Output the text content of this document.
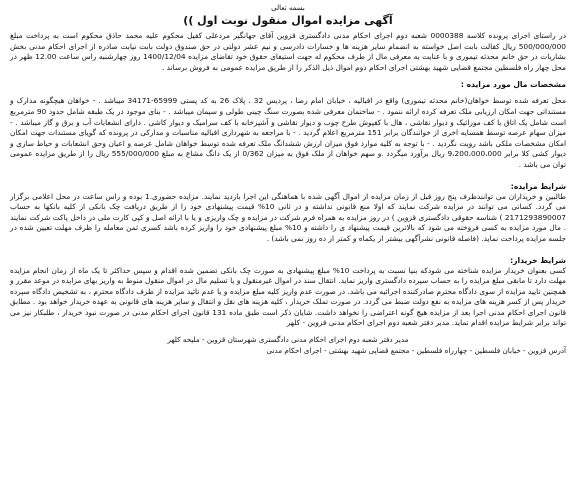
بسمه تعالی
آگهی مزایده اموال منقول نوبت اول ))

در راستای اجرای پرونده کلاسه 0000388 شعبه دوم اجرای احکام مدنی دادگستری قزوین آقای جهانگیر مردعلی کفیل محکوم علیه محمد حاذق محکوم است به پرداخت مبلغ 500/000/000 ریال کفالت بابت اصل خواسته به انضمام سایر هزینه ها و خسارات دادرسی و نیم عشر دولتی در حق صندوق دولت بابت نیابت صادره از اجرای احکام مدنی بخش بشاریات در حق خانم محدثه تیموری و با عنایت به معرفی مال از طرف محکوم له جهت استیفای حقوق خود تقاضای مزایده 1400/12/04 روز چهارشنبه راس ساعت 12.00 ظهر در محل چهار راه فلسطین مجتمع قضایی شهید بهشتی اجرای احکام دوم اموال ذیل الذکر را از طریق مزایده عمومی به فروش برساند .

مشخصات مال مورد مزایده :

محل تعرفه شده توسط خواهان(خانم محدثه تیموری) واقع در اقبالیه ، خیابان امام رضا ، پردیس 32 ، پلاک 26 به کد پستی 65999-34171 میباشد . - خواهان هیچگونه مدارک و مستنداتی جهت امکان ارزیابی ملک تعرفه کرده ارائه ننمود . - ساختمان معرفی شده بصورت سنگ چینی طولی و سیمان میباشد . - بنای موجود در یک طبقه شامل حدود 90 مترمربع است شامل یک اتاق با کف موزائیک و دیوار نقاشی ، هال با کفپوش طرح چوب و دیوار نقاشی و آشپزخانه با کف سرامیک و دیوار کاشی . دارای انشعابات آب و برق و گاز میباشد . - میزان سهام عرصه توسط همسایه اخری از خوانندگان برابر 151 مترمربع اعلام گردید . - با مراجعه به شهرداری اقبالیه مناسبات و مدارکی در پرونده که گویای مستندات جهت امکان امکان مشخصات ملکی باشد رویت نگردید . - با توجه به کلیه موارد فوق میزان ارزش ششدانگ ملک تعرفه شده توسط خواهان شامل عرصه و اعیان وحق انشعابات و حیاط سازی و دیوار کشی کلا برابر 9،200،000،000 ریال برآورد میگردد .و سهم خواهان از ملک فوق به میزان 0/362 از یک دانگ مشاع به مبلغ 555/000/000 ریال را از طریق مزایده عمومی توان می باشد .

شرایط مزایده:

طالبین و خریداران می توانندظرف پنج روز قبل از زمان مزایده از اموال آگهی شده با هماهنگی این اجرا بازدید نمایند. مزایده حضوری.1 بوده و راس ساعت در محل اعلامی برگزار می گردد. کسانی می توانند در مزایده شرکت نمایند که اولا منع قانونی نداشته و در ثانی 10% قیمت پیشنهادی خود را از طریق دریافت چک بانکی از کلیه بانکها به حساب 2171293890007 ) شناسه حقوقی دادگستری قزوین ) در روز مزایده به همراه فرم شرکت در مزایده و چک واریزی و یا با ارائه اصل و کپی کارت ملی در داخل پاکت شرکت نمایند . مال مورد مزایده به کسی فروخته می شود که بالاترین قیمت پیشنهاد ی را داشته و 10% مبلغ پیشنهادی خود را واریز کرده باشد کسری ثمن معامله را ظرف مهلت تعیین شده در جلسه مزایده پرداخت نماید. (فاصله قانونی نشرآگهی بیشتر از یکماه و کمتر از ده روز نمی باشد) .

شرایط خریدار:

کسی بعنوان خریدار مزایده شناخته می شودکه بنیا نسبت به پرداخت 10% مبلغ پیشنهادی به صورت چک بانکی تضمین شده اقدام و سپس حداکثر تا یک ماه از زمان انجام مزایده مهلت دارد تا مابقی مبلغ مزایده را به حساب سپرده دادگستری واریز نماید. انتقال سند در اموال غیرمنقول و یا تسلیم مال در اموال منقول منوط به واریز بهای مزایده در موعد مقرر و همچنین تایید مزایده از سوی دادگاه محترم صادرکننده اجرائیه می باشد. در صورت عدم واریز کلیه مبلغ مزایده و یا عدم تائید مزایده از طرف دادگاه محترم ، به تشخیص دادگاه سپرده خریدار پس از کسر هزینه های مزایده به نفع دولت ضبط می گردد. در صورت تملک خریدار ، کلیه هزینه های نقل و انتقال و سایر هزینه های قانونی به عهده خریدار خواهد بود . مطابق قانون اجرای احکام مدنی اجرا بعد از مزایده هیچ گونه اعتراضی را نخواهد داشت. شایان ذکر است طبق ماده 131 قانون اجرای احکام مدنی در صورت نبود خریدار ، طلبکار نیز می تواند برابر شرایط مزایده اقدام نماید. مدیر دفتر شعبه دوم اجرای احکام مدنی قزوین - کلهر

مدیر دفتر شعبه دوم اجرای احکام مدنی دادگستری شهرستان قزوین - ملیحه کلهر

آدرس قزوین - خیابان فلسطین - چهارراه فلسطین - مجتمع قضایی شهید بهشتی - اجرای احکام مدنی
